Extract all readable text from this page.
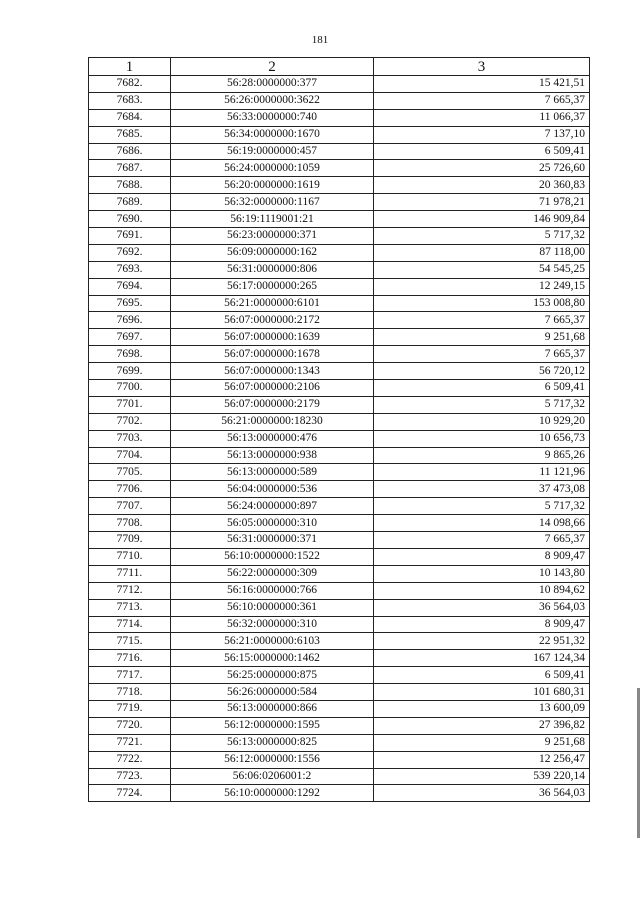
181
1	2	3
7682.	56:28:0000000:377	15 421,51
7683.	56:26:0000000:3622	7 665,37
7684.	56:33:0000000:740	11 066,37
7685.	56:34:0000000:1670	7 137,10
7686.	56:19:0000000:457	6 509,41
7687.	56:24:0000000:1059	25 726,60
7688.	56:20:0000000:1619	20 360,83
7689.	56:32:0000000:1167	71 978,21
7690.	56:19:1119001:21	146 909,84
7691.	56:23:0000000:371	5 717,32
7692.	56:09:0000000:162	87 118,00
7693.	56:31:0000000:806	54 545,25
7694.	56:17:0000000:265	12 249,15
7695.	56:21:0000000:6101	153 008,80
7696.	56:07:0000000:2172	7 665,37
7697.	56:07:0000000:1639	9 251,68
7698.	56:07:0000000:1678	7 665,37
7699.	56:07:0000000:1343	56 720,12
7700.	56:07:0000000:2106	6 509,41
7701.	56:07:0000000:2179	5 717,32
7702.	56:21:0000000:18230	10 929,20
7703.	56:13:0000000:476	10 656,73
7704.	56:13:0000000:938	9 865,26
7705.	56:13:0000000:589	11 121,96
7706.	56:04:0000000:536	37 473,08
7707.	56:24:0000000:897	5 717,32
7708.	56:05:0000000:310	14 098,66
7709.	56:31:0000000:371	7 665,37
7710.	56:10:0000000:1522	8 909,47
7711.	56:22:0000000:309	10 143,80
7712.	56:16:0000000:766	10 894,62
7713.	56:10:0000000:361	36 564,03
7714.	56:32:0000000:310	8 909,47
7715.	56:21:0000000:6103	22 951,32
7716.	56:15:0000000:1462	167 124,34
7717.	56:25:0000000:875	6 509,41
7718.	56:26:0000000:584	101 680,31
7719.	56:13:0000000:866	13 600,09
7720.	56:12:0000000:1595	27 396,82
7721.	56:13:0000000:825	9 251,68
7722.	56:12:0000000:1556	12 256,47
7723.	56:06:0206001:2	539 220,14
7724.	56:10:0000000:1292	36 564,03
